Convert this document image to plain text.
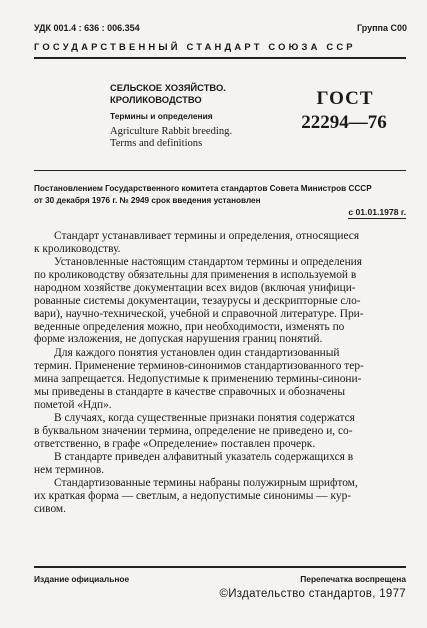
УДК 001.4 : 636 : 006.354	Группа С00
ГОСУДАРСТВЕННЫЙ СТАНДАРТ СОЮЗА ССР
СЕЛЬСКОЕ ХОЗЯЙСТВО.
КРОЛИКОВОДСТВО
Термины и определения
Agriculture Rabbit breeding.
Terms and definitions
ГОСТ
22294—76
Постановлением Государственного комитета стандартов Совета Министров СССР
от 30 декабря 1976 г. № 2949 срок введения установлен
с 01.01.1978 г.

Стандарт устанавливает термины и определения, относящиеся
к кролиководству.

Установленные настоящим стандартом термины и определения
по кролиководству обязательны для применения в используемой в
народном хозяйстве документации всех видов (включая унифици-
рованные системы документации, тезаурусы и дескрипторные сло-
вари), научно-технической, учебной и справочной литературе. При-
веденные определения можно, при необходимости, изменять по
форме изложения, не допуская нарушения границ понятий.

Для каждого понятия установлен один стандартизованный
термин. Применение терминов-синонимов стандартизованного тер-
мина запрещается. Недопустимые к применению термины-синони-
мы приведены в стандарте в качестве справочных и обозначены
пометой «Ндп».

В случаях, когда существенные признаки понятия содержатся
в буквальном значении термина, определение не приведено и, со-
ответственно, в графе «Определение» поставлен прочерк.

В стандарте приведен алфавитный указатель содержащихся в
нем терминов.

Стандартизованные термины набраны полужирным шрифтом,
их краткая форма — светлым, а недопустимые синонимы — кур-
сивом.

Издание официальное	Перепечатка воспрещена
©Издательство стандартов, 1977
